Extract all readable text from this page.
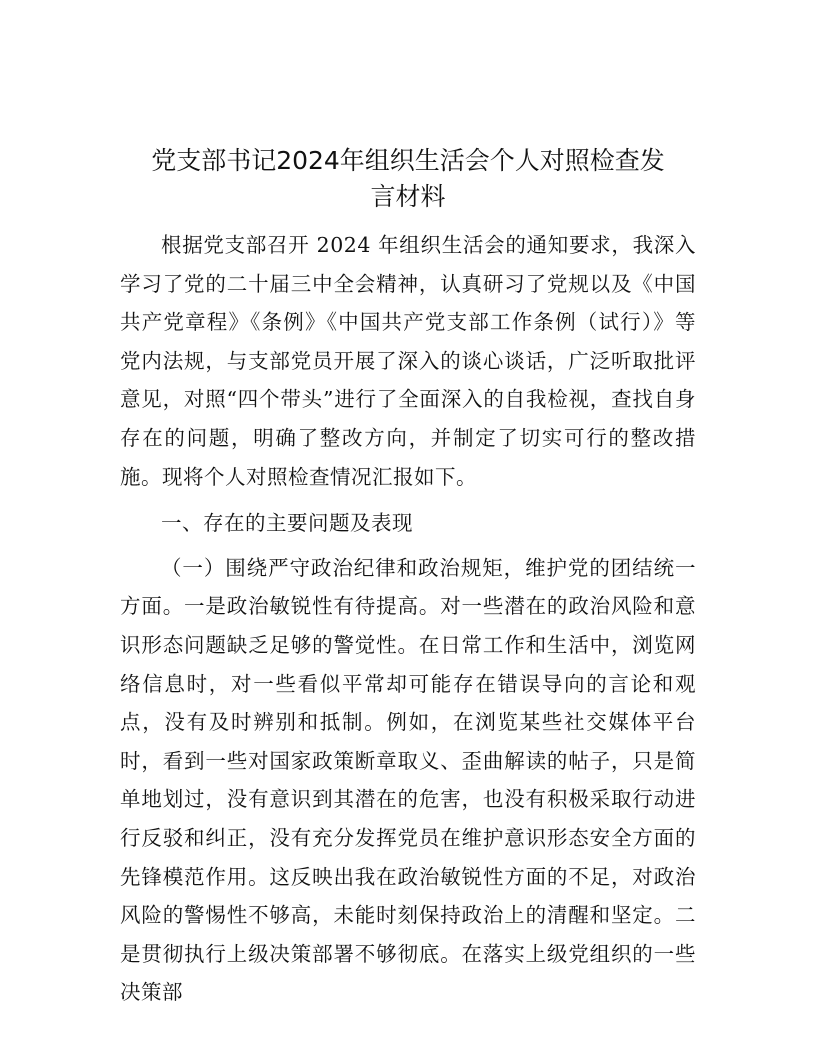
党支部书记2024年组织生活会个人对照检查发
言材料

根据党支部召开 2024 年组织生活会的通知要求，我深入学习了党的二十届三中全会精神，认真研习了党规以及《中国共产党章程》《条例》《中国共产党支部工作条例（试行）》等党内法规，与支部党员开展了深入的谈心谈话，广泛听取批评意见，对照“四个带头”进行了全面深入的自我检视，查找自身存在的问题，明确了整改方向，并制定了切实可行的整改措施。现将个人对照检查情况汇报如下。

一、存在的主要问题及表现

（一）围绕严守政治纪律和政治规矩，维护党的团结统一方面。一是政治敏锐性有待提高。对一些潜在的政治风险和意识形态问题缺乏足够的警觉性。在日常工作和生活中，浏览网络信息时，对一些看似平常却可能存在错误导向的言论和观点，没有及时辨别和抵制。例如，在浏览某些社交媒体平台时，看到一些对国家政策断章取义、歪曲解读的帖子，只是简单地划过，没有意识到其潜在的危害，也没有积极采取行动进行反驳和纠正，没有充分发挥党员在维护意识形态安全方面的先锋模范作用。这反映出我在政治敏锐性方面的不足，对政治风险的警惕性不够高，未能时刻保持政治上的清醒和坚定。二是贯彻执行上级决策部署不够彻底。在落实上级党组织的一些决策部
